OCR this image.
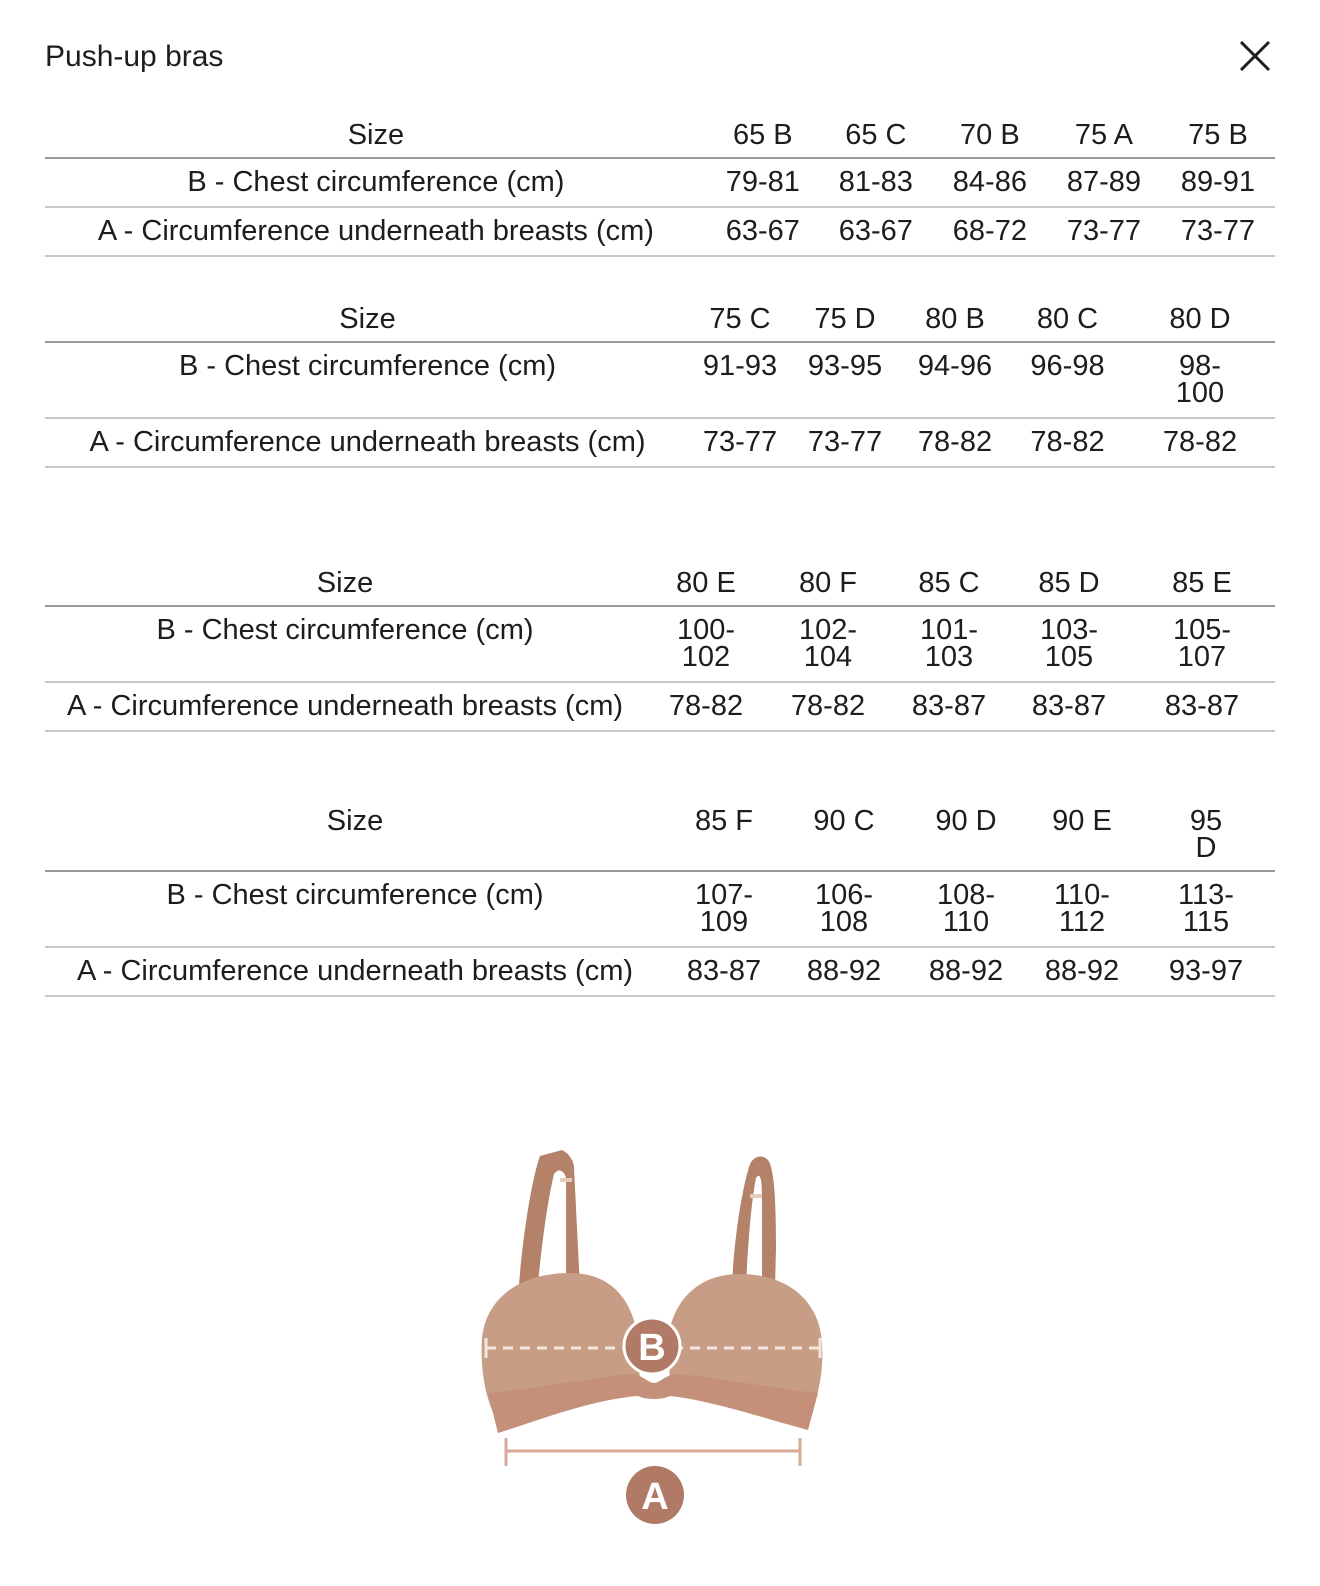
Push-up bras
Size	65 B	65 C	70 B	75 A	75 B
B - Chest circumference (cm)	79-81	81-83	84-86	87-89	89-91
A - Circumference underneath breasts (cm)	63-67	63-67	68-72	73-77	73-77
Size	75 C	75 D	80 B	80 C	80 D
B - Chest circumference (cm)	91-93	93-95	94-96	96-98	98-100
A - Circumference underneath breasts (cm)	73-77	73-77	78-82	78-82	78-82
Size	80 E	80 F	85 C	85 D	85 E
B - Chest circumference (cm)	100-102	102-104	101-103	103-105	105-107
A - Circumference underneath breasts (cm)	78-82	78-82	83-87	83-87	83-87
Size	85 F	90 C	90 D	90 E	95 D
B - Chest circumference (cm)	107-109	106-108	108-110	110-112	113-115
A - Circumference underneath breasts (cm)	83-87	88-92	88-92	88-92	93-97
B
A
